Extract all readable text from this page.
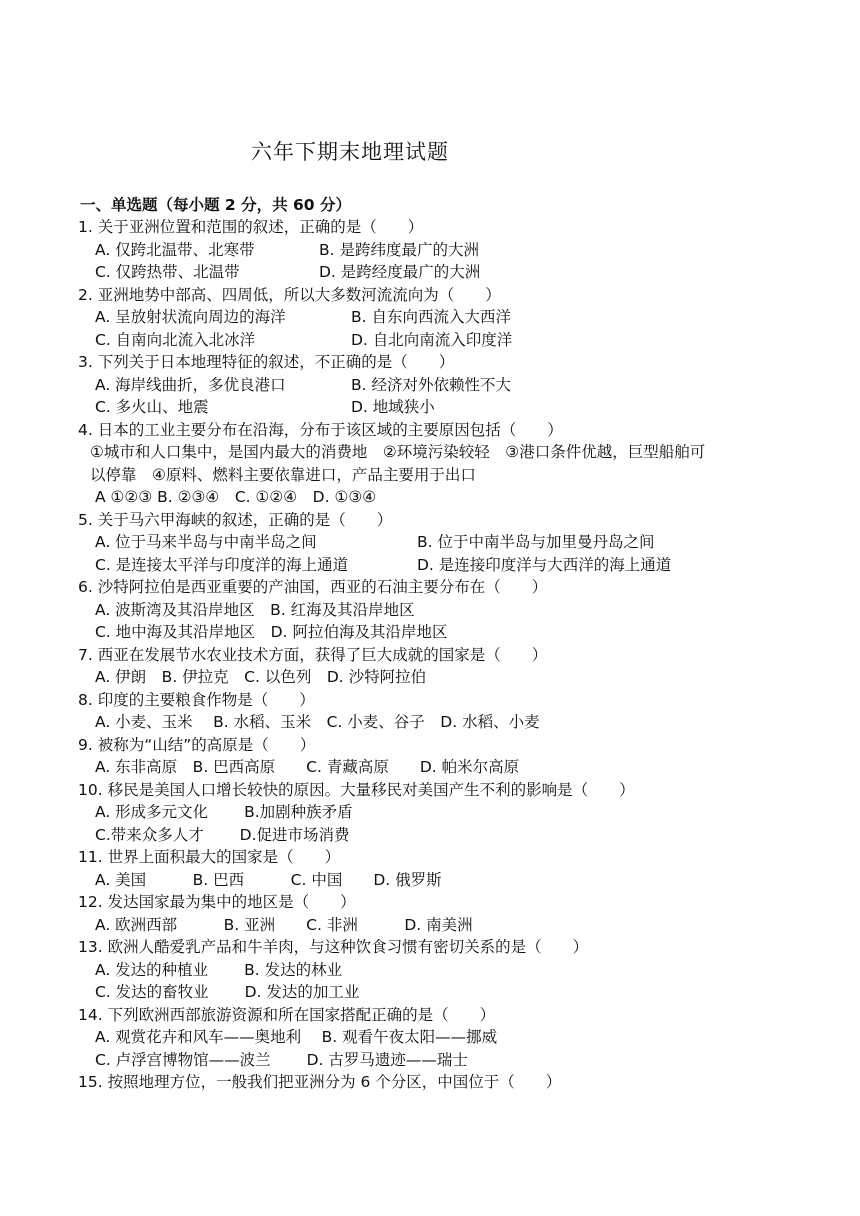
六年下期末地理试题
一、单选题（每小题 2 分，共 60 分）
1. 关于亚洲位置和范围的叙述，正确的是（　　）
A. 仅跨北温带、北寒带	B. 是跨纬度最广的大洲
C. 仅跨热带、北温带	D. 是跨经度最广的大洲
2. 亚洲地势中部高、四周低，所以大多数河流流向为（　　）
A. 呈放射状流向周边的海洋	B. 自东向西流入大西洋
C. 自南向北流入北冰洋	D. 自北向南流入印度洋
3. 下列关于日本地理特征的叙述，不正确的是（　　）
A. 海岸线曲折，多优良港口	B. 经济对外依赖性不大
C. 多火山、地震	D. 地域狭小
4. 日本的工业主要分布在沿海，分布于该区域的主要原因包括（　　）
①城市和人口集中，是国内最大的消费地　②环境污染较轻　③港口条件优越，巨型船舶可
以停靠　④原料、燃料主要依靠进口，产品主要用于出口
A ①②③ B. ②③④　C. ①②④　D. ①③④
5. 关于马六甲海峡的叙述，正确的是（　　）
A. 位于马来半岛与中南半岛之间	B. 位于中南半岛与加里曼丹岛之间
C. 是连接太平洋与印度洋的海上通道	D. 是连接印度洋与大西洋的海上通道
6. 沙特阿拉伯是西亚重要的产油国，西亚的石油主要分布在（　　）
A. 波斯湾及其沿岸地区　B. 红海及其沿岸地区
C. 地中海及其沿岸地区　D. 阿拉伯海及其沿岸地区
7. 西亚在发展节水农业技术方面，获得了巨大成就的国家是（　　）
A. 伊朗　B. 伊拉克　C. 以色列　D. 沙特阿拉伯
8. 印度的主要粮食作物是（　　）
A. 小麦、玉米　 B. 水稻、玉米　C. 小麦、谷子　D. 水稻、小麦
9. 被称为“山结”的高原是（　　）
A. 东非高原　B. 巴西高原　　C. 青藏高原　　D. 帕米尔高原
10. 移民是美国人口增长较快的原因。大量移民对美国产生不利的影响是（　　）
A. 形成多元文化　　 B.加剧种族矛盾
C.带来众多人才　　 D.促进市场消费
11. 世界上面积最大的国家是（　　）
A. 美国　　　B. 巴西　　　C. 中国　　D. 俄罗斯
12. 发达国家最为集中的地区是（　　）
A. 欧洲西部　　　B. 亚洲　　C. 非洲　　　D. 南美洲
13. 欧洲人酷爱乳产品和牛羊肉，与这种饮食习惯有密切关系的是（　　）
A. 发达的种植业　　 B. 发达的林业
C. 发达的畜牧业　　 D. 发达的加工业
14. 下列欧洲西部旅游资源和所在国家搭配正确的是（　　）
A. 观赏花卉和风车——奥地利　 B. 观看午夜太阳——挪威
C. 卢浮宫博物馆——波兰　　 D. 古罗马遗迹——瑞士
15. 按照地理方位，一般我们把亚洲分为 6 个分区，中国位于（　　）
